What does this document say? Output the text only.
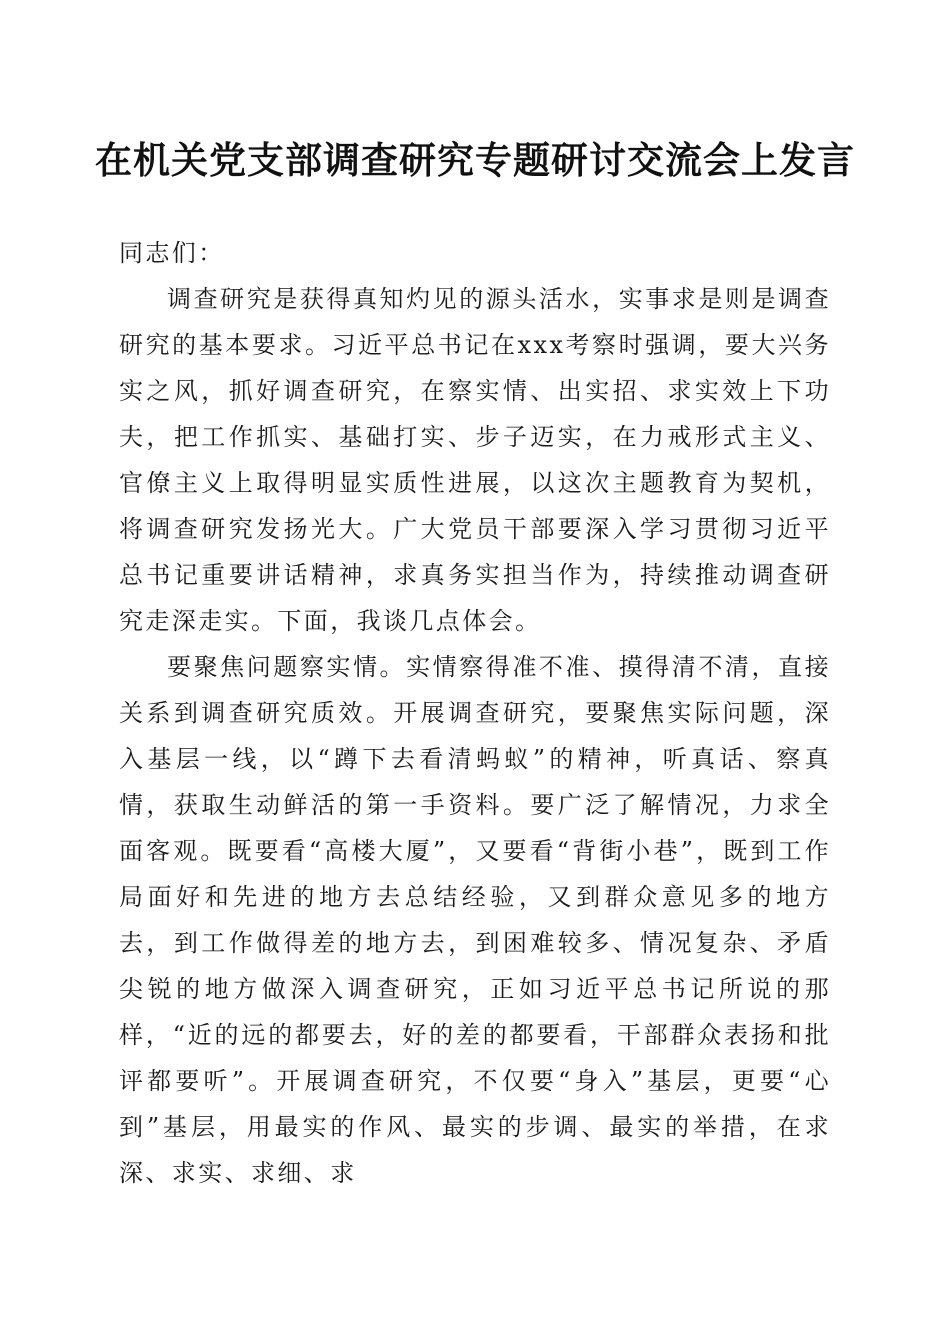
在机关党支部调查研究专题研讨交流会上发言

同志们：

调查研究是获得真知灼见的源头活水，实事求是则是调查研究的基本要求。习近平总书记在xxx考察时强调，要大兴务实之风，抓好调查研究，在察实情、出实招、求实效上下功夫，把工作抓实、基础打实、步子迈实，在力戒形式主义、官僚主义上取得明显实质性进展，以这次主题教育为契机，将调查研究发扬光大。广大党员干部要深入学习贯彻习近平总书记重要讲话精神，求真务实担当作为，持续推动调查研究走深走实。下面，我谈几点体会。

要聚焦问题察实情。实情察得准不准、摸得清不清，直接关系到调查研究质效。开展调查研究，要聚焦实际问题，深入基层一线，以“蹲下去看清蚂蚁”的精神，听真话、察真情，获取生动鲜活的第一手资料。要广泛了解情况，力求全面客观。既要看“高楼大厦”，又要看“背街小巷”，既到工作局面好和先进的地方去总结经验，又到群众意见多的地方去，到工作做得差的地方去，到困难较多、情况复杂、矛盾尖锐的地方做深入调查研究，正如习近平总书记所说的那样，“近的远的都要去，好的差的都要看，干部群众表扬和批评都要听”。开展调查研究，不仅要“身入”基层，更要“心到”基层，用最实的作风、最实的步调、最实的举措，在求深、求实、求细、求
